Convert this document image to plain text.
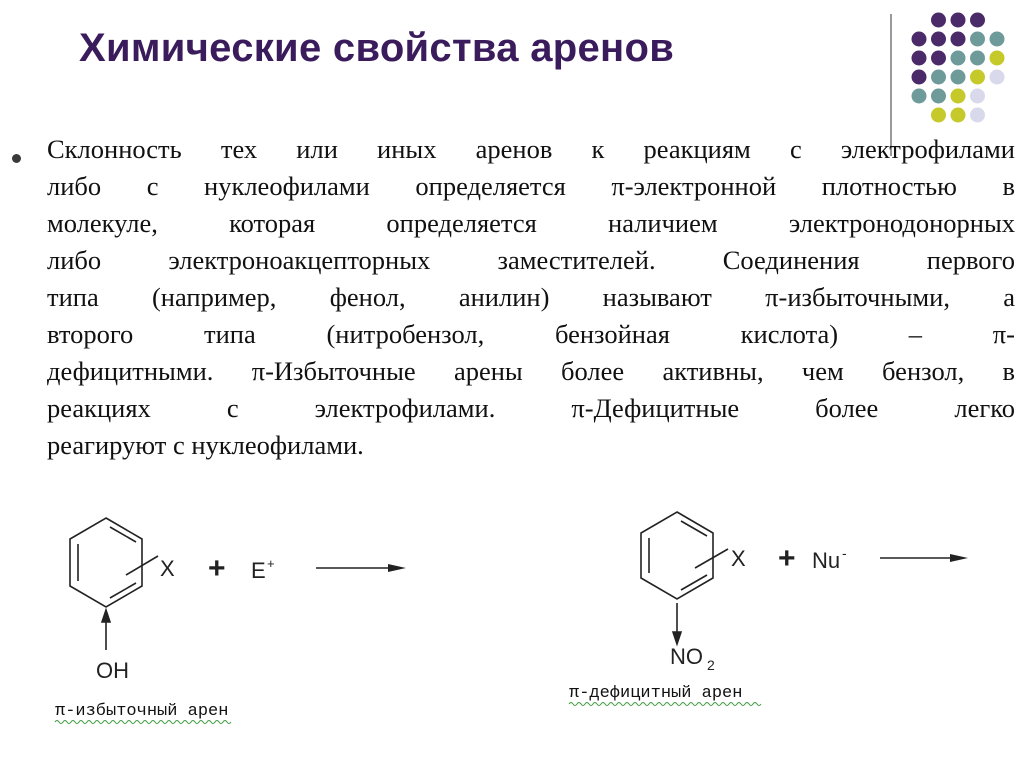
Химические свойства аренов
Склонность тех или иных аренов к реакциям с электрофилами
либо с нуклеофилами определяется π-электронной плотностью в
молекуле, которая определяется наличием электронодонорных
либо электроноакцепторных заместителей. Соединения первого
типа (например, фенол, анилин) называют π-избыточными, а
второго типа (нитробензол, бензойная кислота) – π-
дефицитными. π-Избыточные арены более активны, чем бензол, в
реакциях с электрофилами. π-Дефицитные более легко
реагируют с нуклеофилами.
X + E +
OH
π-избыточный арен
X + Nu -
NO 2
π-дефицитный арен
